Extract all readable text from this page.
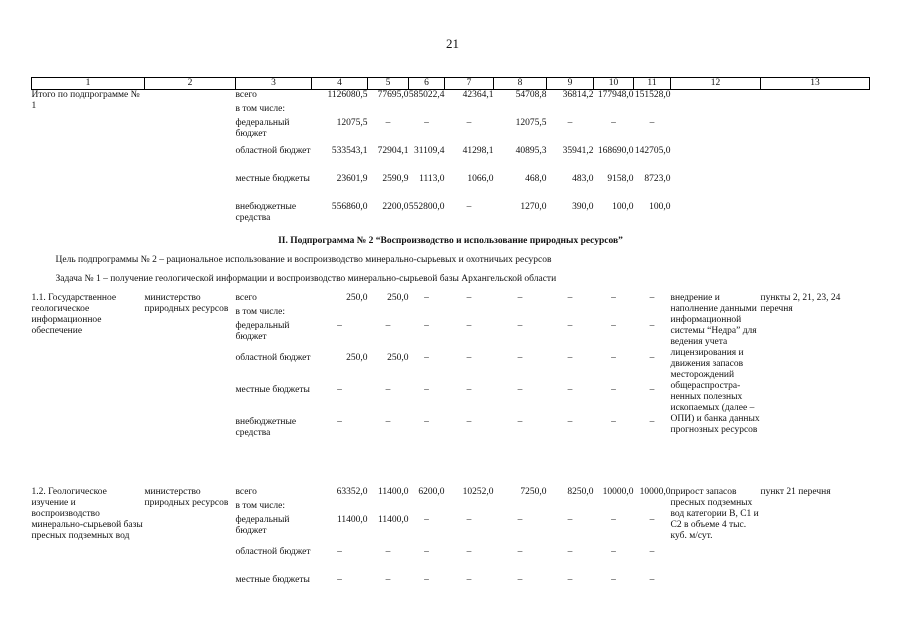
21
1	2	3	4	5	6	7	8	9	10	11	12	13
Итого по подпрограмме № 1		всего	1126080,5	77695,0	585022,4	42364,1	54708,8	36814,2	177948,0	151528,0		
		в том числе:										
		федеральный бюджет	12075,5	–	–	–	12075,5	–	–	–		
		областной бюджет	533543,1	72904,1	31109,4	41298,1	40895,3	35941,2	168690,0	142705,0		
		местные бюджеты	23601,9	2590,9	1113,0	1066,0	468,0	483,0	9158,0	8723,0		
		внебюджетные средства	556860,0	2200,0	552800,0	–	1270,0	390,0	100,0	100,0		
II. Подпрограмма № 2 “Воспроизводство и использование природных ресурсов”												
Цель подпрограммы № 2 – рациональное использование и воспроизводство минерально-сырьевых и охотничьих ресурсов												
Задача № 1 – получение геологической информации и воспроизводство минерально-сырьевой базы Архангельской области												
1.1. Государственное геологическое информационное обеспечение	министерство природных ресурсов	всего	250,0	250,0	–	–	–	–	–	–	внедрение и наполнение данными информационной системы “Недра” для ведения учета лицензирования и движения запасов месторождений общераспростра-ненных полезных ископаемых (далее – ОПИ) и банка данных прогнозных ресурсов	пункты 2, 21, 23, 24 перечня
		в том числе:										
		федеральный бюджет	–	–	–	–	–	–	–	–		
		областной бюджет	250,0	250,0	–	–	–	–	–	–		
		местные бюджеты	–	–	–	–	–	–	–	–		
		внебюджетные средства	–	–	–	–	–	–	–	–		
1.2. Геологическое изучение и воспроизводство минерально-сырьевой базы пресных подземных вод	министерство природных ресурсов	всего	63352,0	11400,0	6200,0	10252,0	7250,0	8250,0	10000,0	10000,0	прирост запасов пресных подземных вод категории В, С1 и С2 в объеме 4 тыс. куб. м/сут.	пункт 21 перечня
		в том числе:										
		федеральный бюджет	11400,0	11400,0	–	–	–	–	–	–		
		областной бюджет	–	–	–	–	–	–	–	–		
		местные бюджеты	–	–	–	–	–	–	–	–		
